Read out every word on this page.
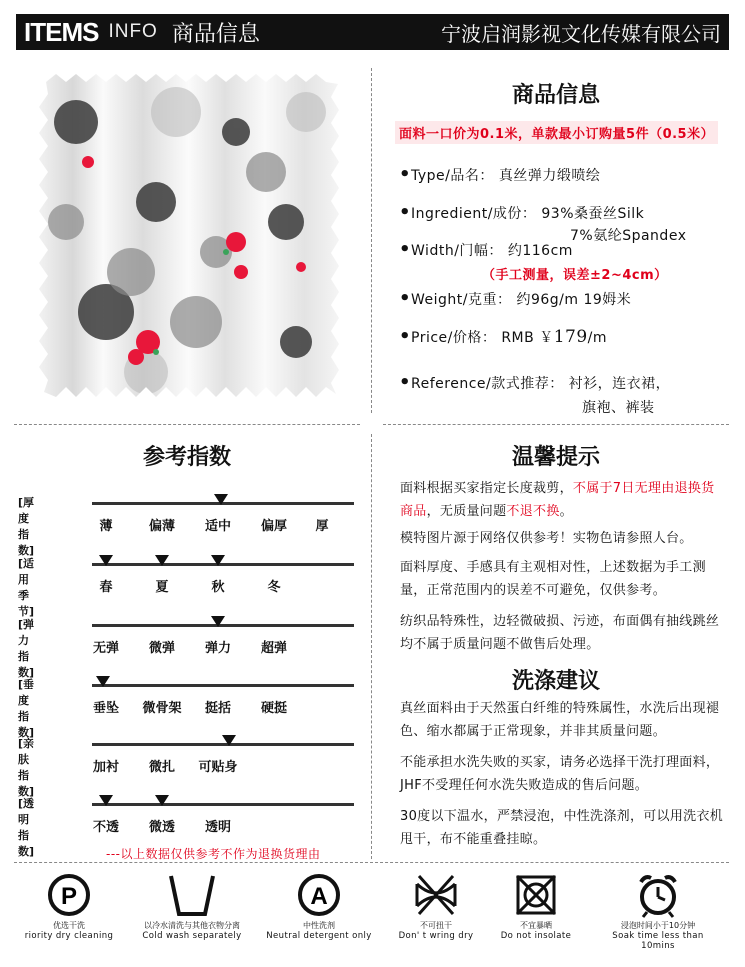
ITEMS INFO 商品信息	宁波启润影视文化传媒有限公司
商品信息
面料一口价为0.1米，单款最小订购量5件（0.5米）
•Type/品名： 真丝弹力缎喷绘
•Ingredient/成份： 93%桑蚕丝Silk
7%氨纶Spandex
•Width/门幅： 约116cm
（手工测量，误差±2~4cm）
•Weight/克重： 约96g/m 19姆米
•Price/价格： RMB ￥179/m
•Reference/款式推荐： 衬衫，连衣裙，
旗袍、裤装
参考指数
[厚度指数]
薄	偏薄 适中 偏厚 厚
[适用季节]
春	夏	秋	冬
[弹力指数]
无弹 微弹 弹力 超弹
[垂度指数]
垂坠 微骨架 挺括 硬挺
[亲肤指数]
加衬 微扎 可贴身
[透明指数]
不透 微透 透明
---以上数据仅供参考不作为退换货理由
温馨提示
面料根据买家指定长度裁剪，不属于7日无理由退换货商品，无质量问题不退不换。
模特图片源于网络仅供参考！实物色请参照人台。
面料厚度、手感具有主观相对性，上述数据为手工测量，正常范围内的误差不可避免，仅供参考。
纺织品特殊性，边轻微破损、污迹，布面偶有抽线跳丝均不属于质量问题不做售后处理。
洗涤建议
真丝面料由于天然蛋白纤维的特殊属性，水洗后出现褪色、缩水都属于正常现象，并非其质量问题。
不能承担水洗失败的买家，请务必选择干洗打理面料，JHF不受理任何水洗失败造成的售后问题。
30度以下温水，严禁浸泡，中性洗涤剂，可以用洗衣机甩干，布不能重叠挂晾。
P
优选干洗
riority dry cleaning
以冷水清洗与其他衣物分离
Cold wash separately
A
中性洗剂
Neutral detergent only
不可扭干
Don' t wring dry
不宜暴晒
Do not insolate
浸泡时间小于10分钟
Soak time less than 10mins
